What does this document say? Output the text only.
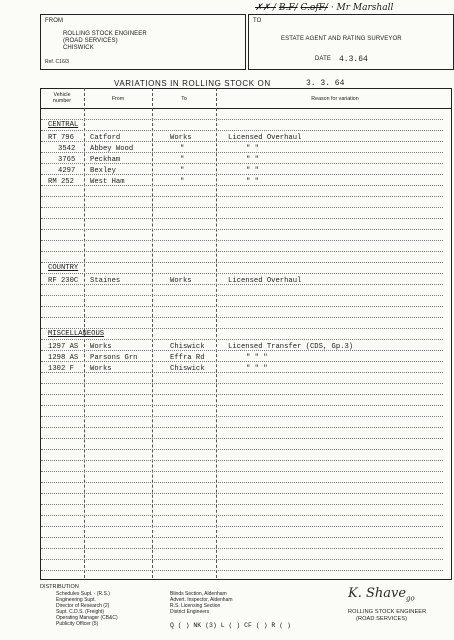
FROM
ROLLING STOCK ENGINEER
(ROAD SERVICES)
CHISWICK
Ref. C16/3
TO
✗✗ / B.F/ C.ofF/ · Mr Marshall
ESTATE AGENT AND RATING SURVEYOR
DATE 4.3.64
VARIATIONS IN ROLLING STOCK ON	3. 3. 64
Vehicle number	From	To	Reason for variation
CENTRAL
RT 796 Catford	Works	Licensed Overhaul
3542 Abbey Wood	"	" "
3765 Peckham	"	" "
4297 Bexley	"	" "
RM 252 West Ham	"	" "
COUNTRY
RF 230C Staines	Works	Licensed Overhaul
MISCELLANEOUS
1297 AS Works	Chiswick	Licensed Transfer (CDS, Gp.3)
1298 AS Parsons Grn	Effra Rd	" " "
1302 F Works	Chiswick	" " "
DISTRIBUTION
Schedules Supt. - (R.S.)
Engineering Supt.
Director of Research (2)
Supt. C.D.S. (Freight)
Operating Manager (CB&C)
Publicity Officer (5)
Blinds Section, Aldenham
Advert. Inspector, Aldenham
R.S. Licensing Section
District Engineers
Q ( ) NK (3) L ( ) CF ( ) R ( )
K. Shave$_{go}$
ROLLING STOCK ENGINEER
(ROAD SERVICES)
